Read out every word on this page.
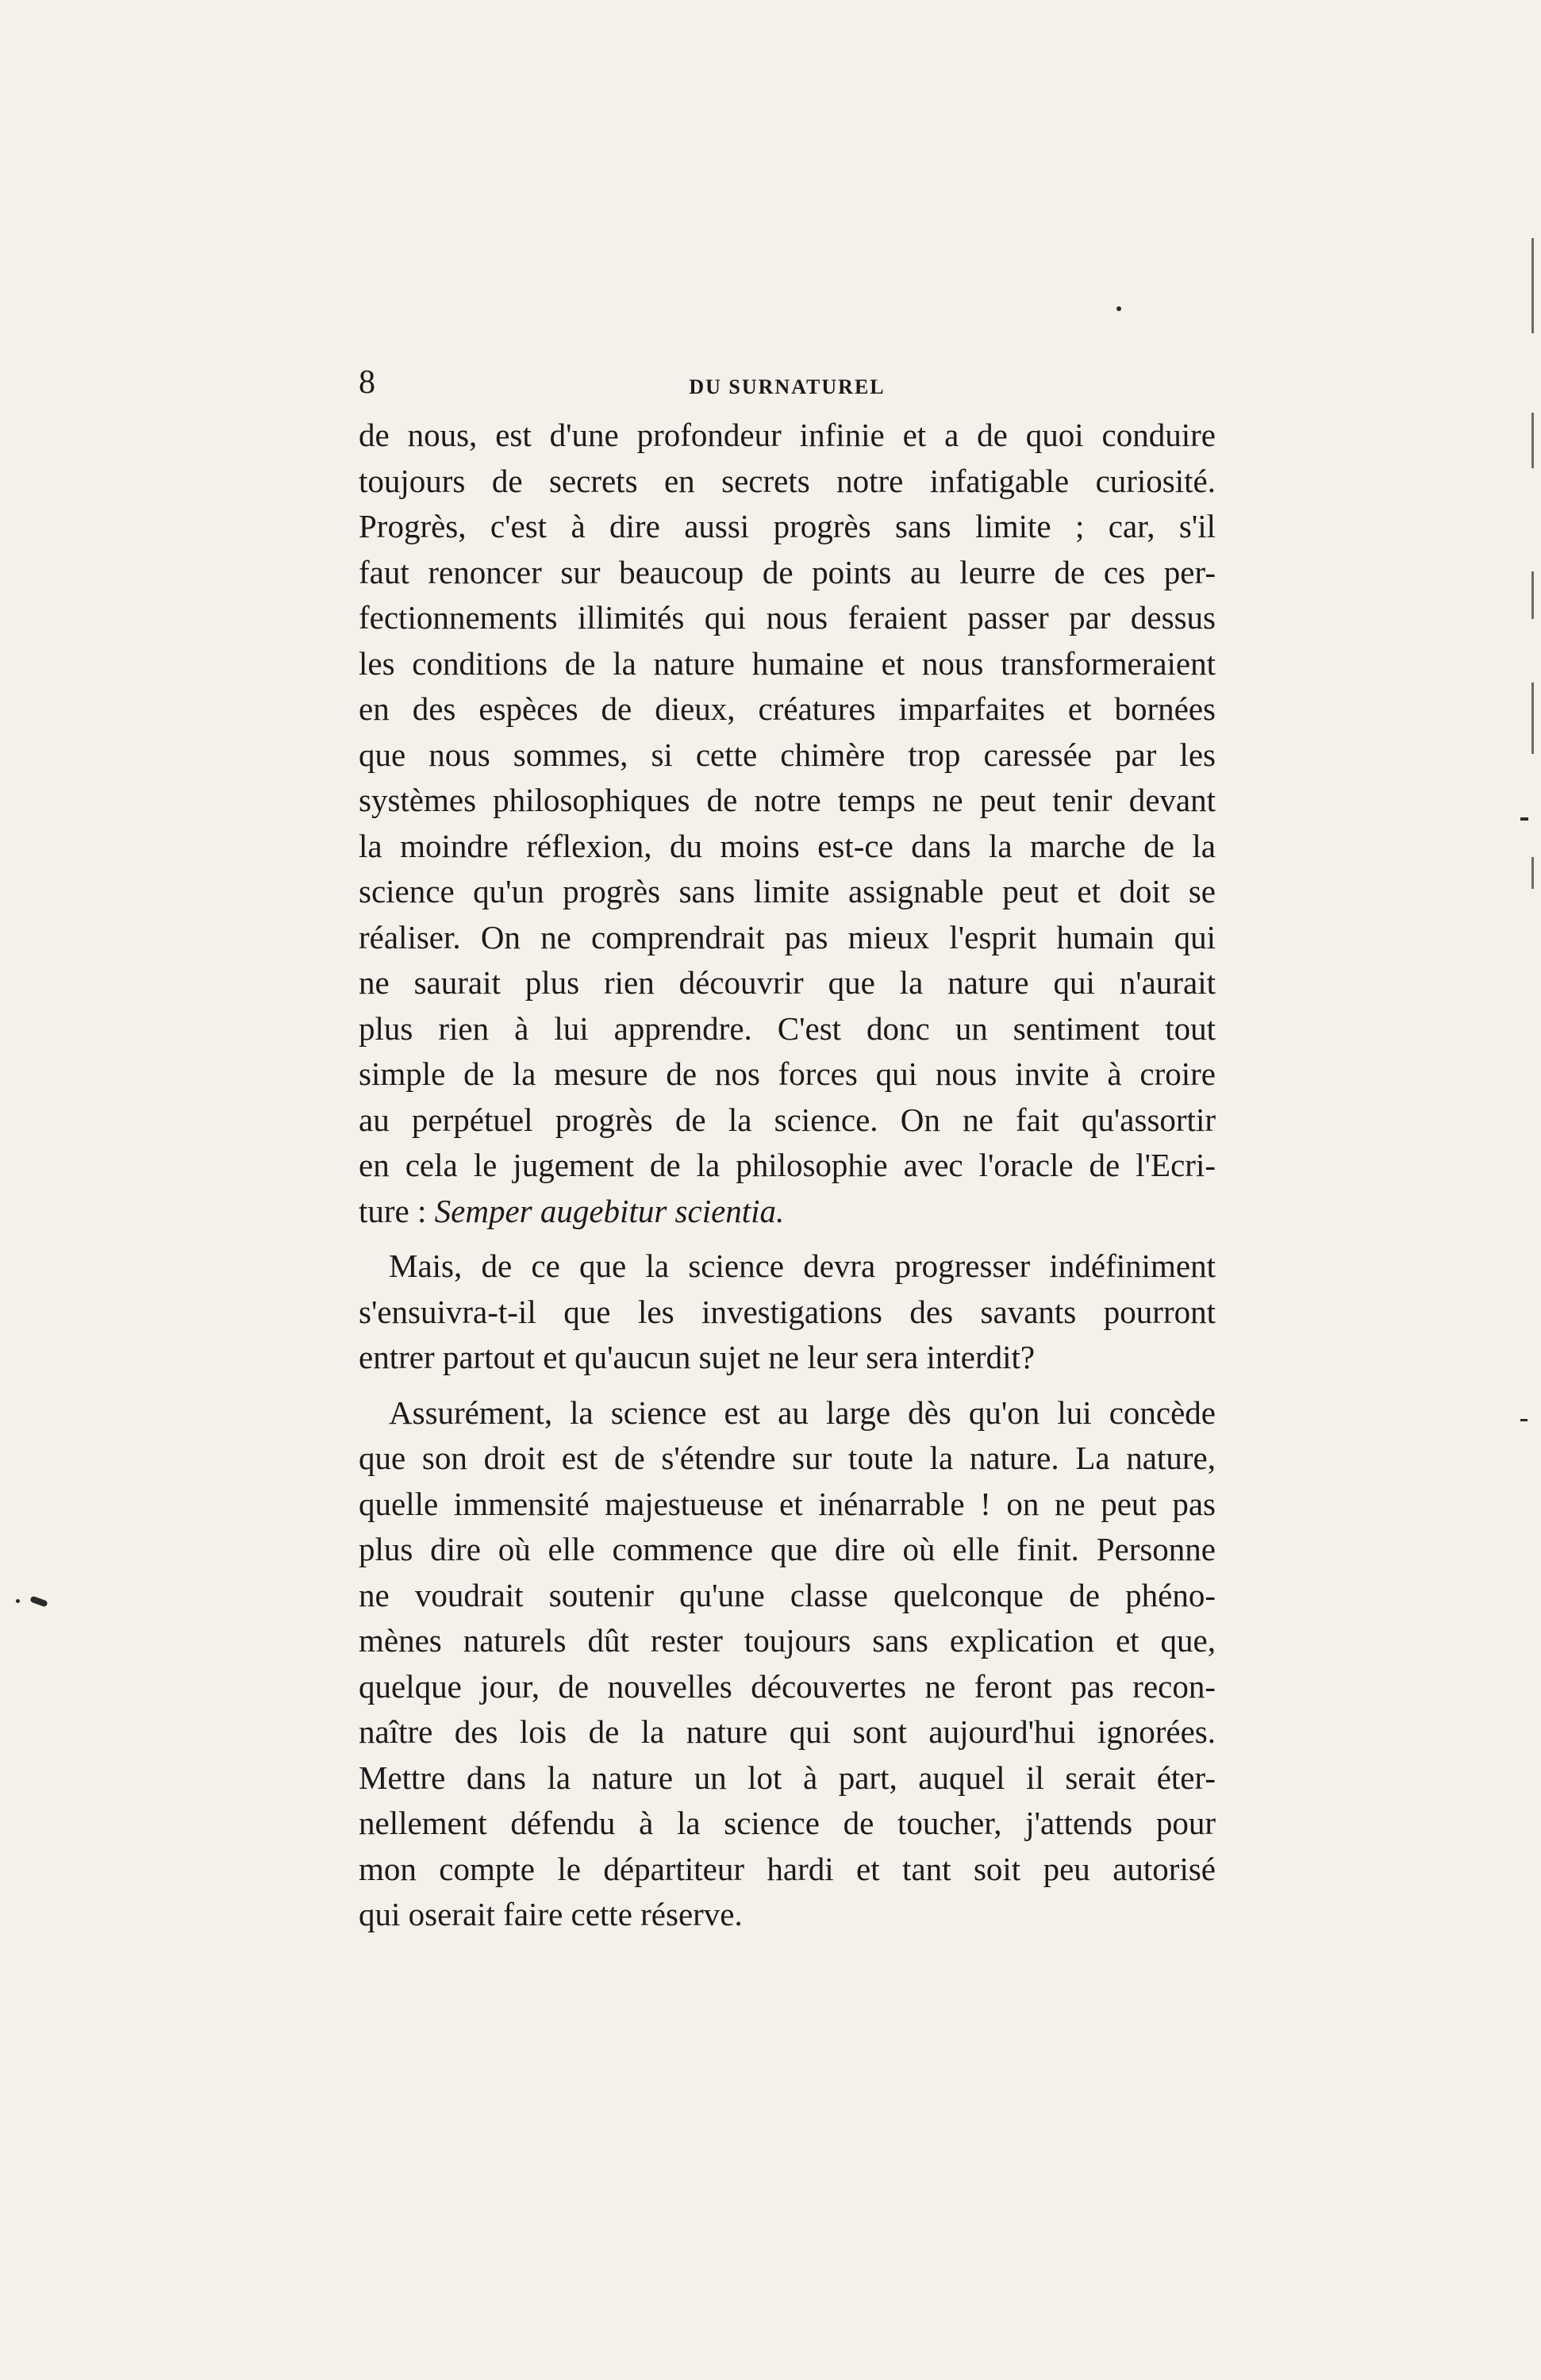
8	DU SURNATUREL
de nous, est d'une profondeur infinie et a de quoi conduire
toujours de secrets en secrets notre infatigable curiosité.
Progrès, c'est à dire aussi progrès sans limite ; car, s'il
faut renoncer sur beaucoup de points au leurre de ces per-
fectionnements illimités qui nous feraient passer par dessus
les conditions de la nature humaine et nous transformeraient
en des espèces de dieux, créatures imparfaites et bornées
que nous sommes, si cette chimère trop caressée par les
systèmes philosophiques de notre temps ne peut tenir devant
la moindre réflexion, du moins est-ce dans la marche de la
science qu'un progrès sans limite assignable peut et doit se
réaliser. On ne comprendrait pas mieux l'esprit humain qui
ne saurait plus rien découvrir que la nature qui n'aurait
plus rien à lui apprendre. C'est donc un sentiment tout
simple de la mesure de nos forces qui nous invite à croire
au perpétuel progrès de la science. On ne fait qu'assortir
en cela le jugement de la philosophie avec l'oracle de l'Ecri-
ture : Semper augebitur scientia.
Mais, de ce que la science devra progresser indéfiniment
s'ensuivra-t-il que les investigations des savants pourront
entrer partout et qu'aucun sujet ne leur sera interdit?
Assurément, la science est au large dès qu'on lui concède
que son droit est de s'étendre sur toute la nature. La nature,
quelle immensité majestueuse et inénarrable ! on ne peut pas
plus dire où elle commence que dire où elle finit. Personne
ne voudrait soutenir qu'une classe quelconque de phéno-
mènes naturels dût rester toujours sans explication et que,
quelque jour, de nouvelles découvertes ne feront pas recon-
naître des lois de la nature qui sont aujourd'hui ignorées.
Mettre dans la nature un lot à part, auquel il serait éter-
nellement défendu à la science de toucher, j'attends pour
mon compte le départiteur hardi et tant soit peu autorisé
qui oserait faire cette réserve.
